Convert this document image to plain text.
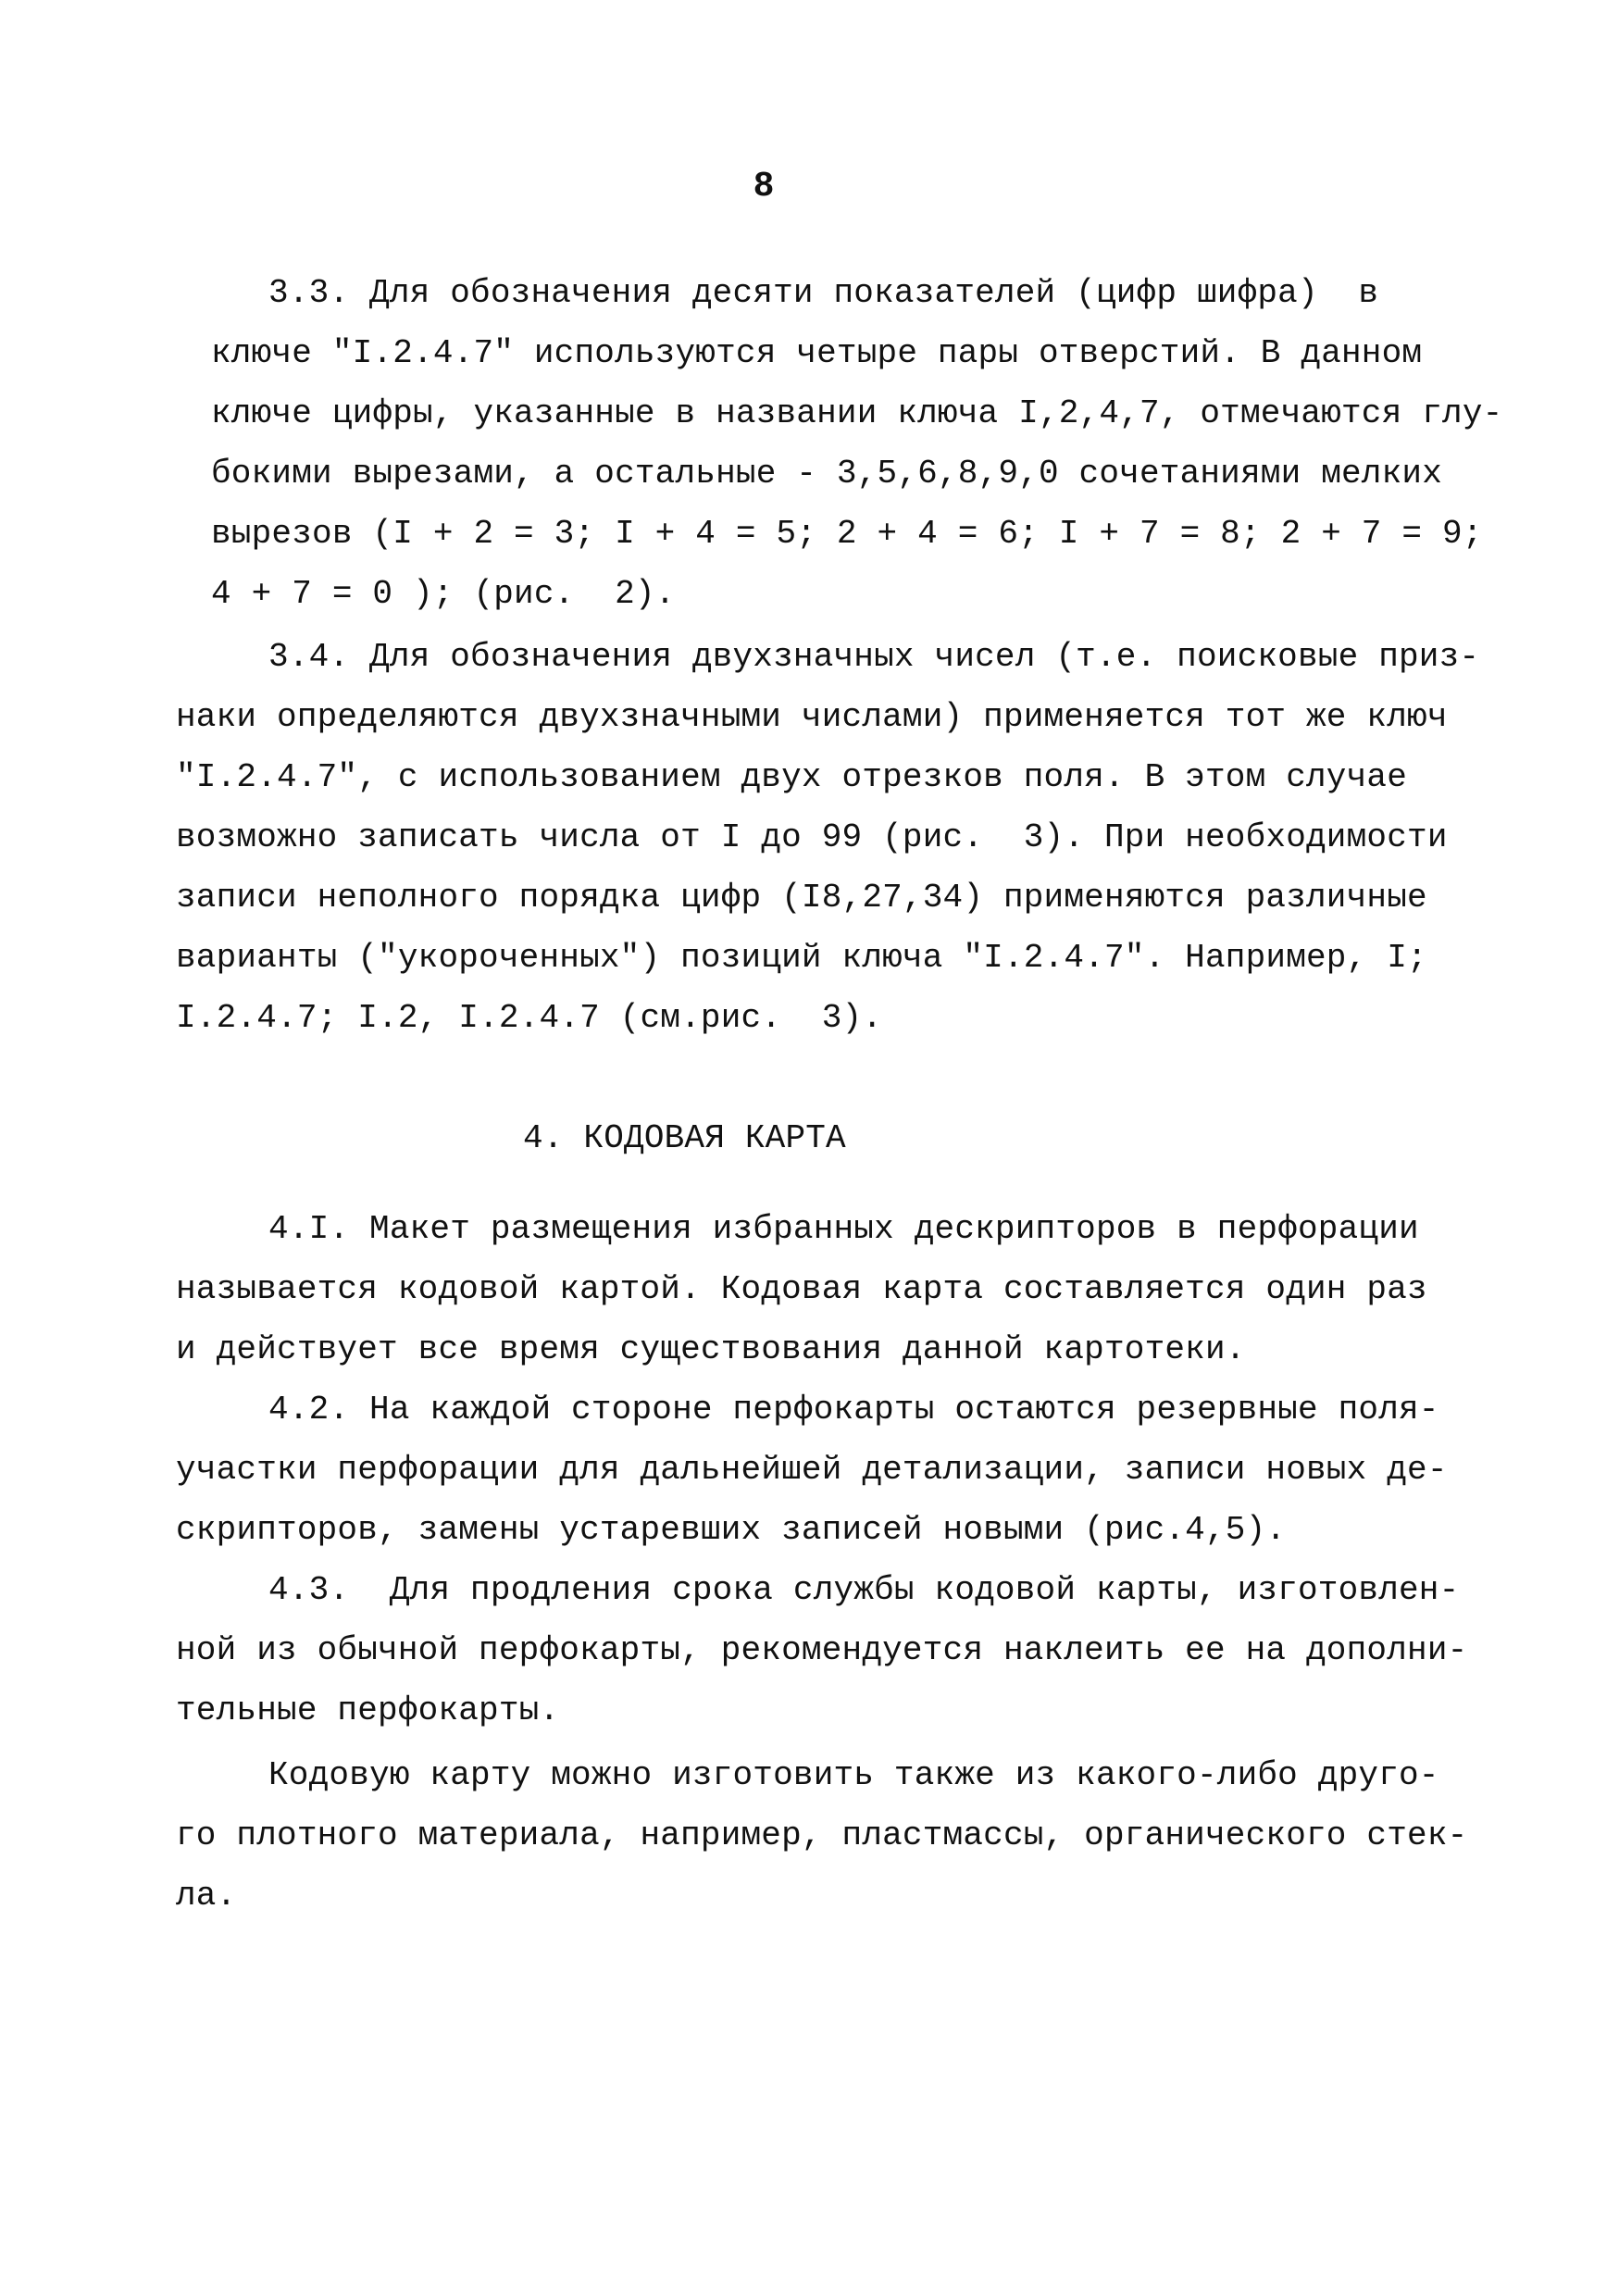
8
3.3. Для обозначения десяти показателей (цифр шифра)  в
ключе "I.2.4.7" используются четыре пары отверстий. В данном
ключе цифры, указанные в названии ключа I,2,4,7, отмечаются глу-
бокими вырезами, а остальные - 3,5,6,8,9,0 сочетаниями мелких
вырезов (I + 2 = 3; I + 4 = 5; 2 + 4 = 6; I + 7 = 8; 2 + 7 = 9;
4 + 7 = 0 ); (рис.  2).
3.4. Для обозначения двухзначных чисел (т.е. поисковые приз-
наки определяются двухзначными числами) применяется тот же ключ
"I.2.4.7", с использованием двух отрезков поля. В этом случае
возможно записать числа от I до 99 (рис.  3). При необходимости
записи неполного порядка цифр (I8,27,34) применяются различные
варианты ("укороченных") позиций ключа "I.2.4.7". Например, I;
I.2.4.7; I.2, I.2.4.7 (см.рис.  3).
4. КОДОВАЯ КАРТА
4.I. Макет размещения избранных дескрипторов в перфорации
называется кодовой картой. Кодовая карта составляется один раз
и действует все время существования данной картотеки.
4.2. На каждой стороне перфокарты остаются резервные поля-
участки перфорации для дальнейшей детализации, записи новых де-
скрипторов, замены устаревших записей новыми (рис.4,5).
4.3.  Для продления срока службы кодовой карты, изготовлен-
ной из обычной перфокарты, рекомендуется наклеить ее на дополни-
тельные перфокарты.
Кодовую карту можно изготовить также из какого-либо друго-
го плотного материала, например, пластмассы, органического стек-
ла.
